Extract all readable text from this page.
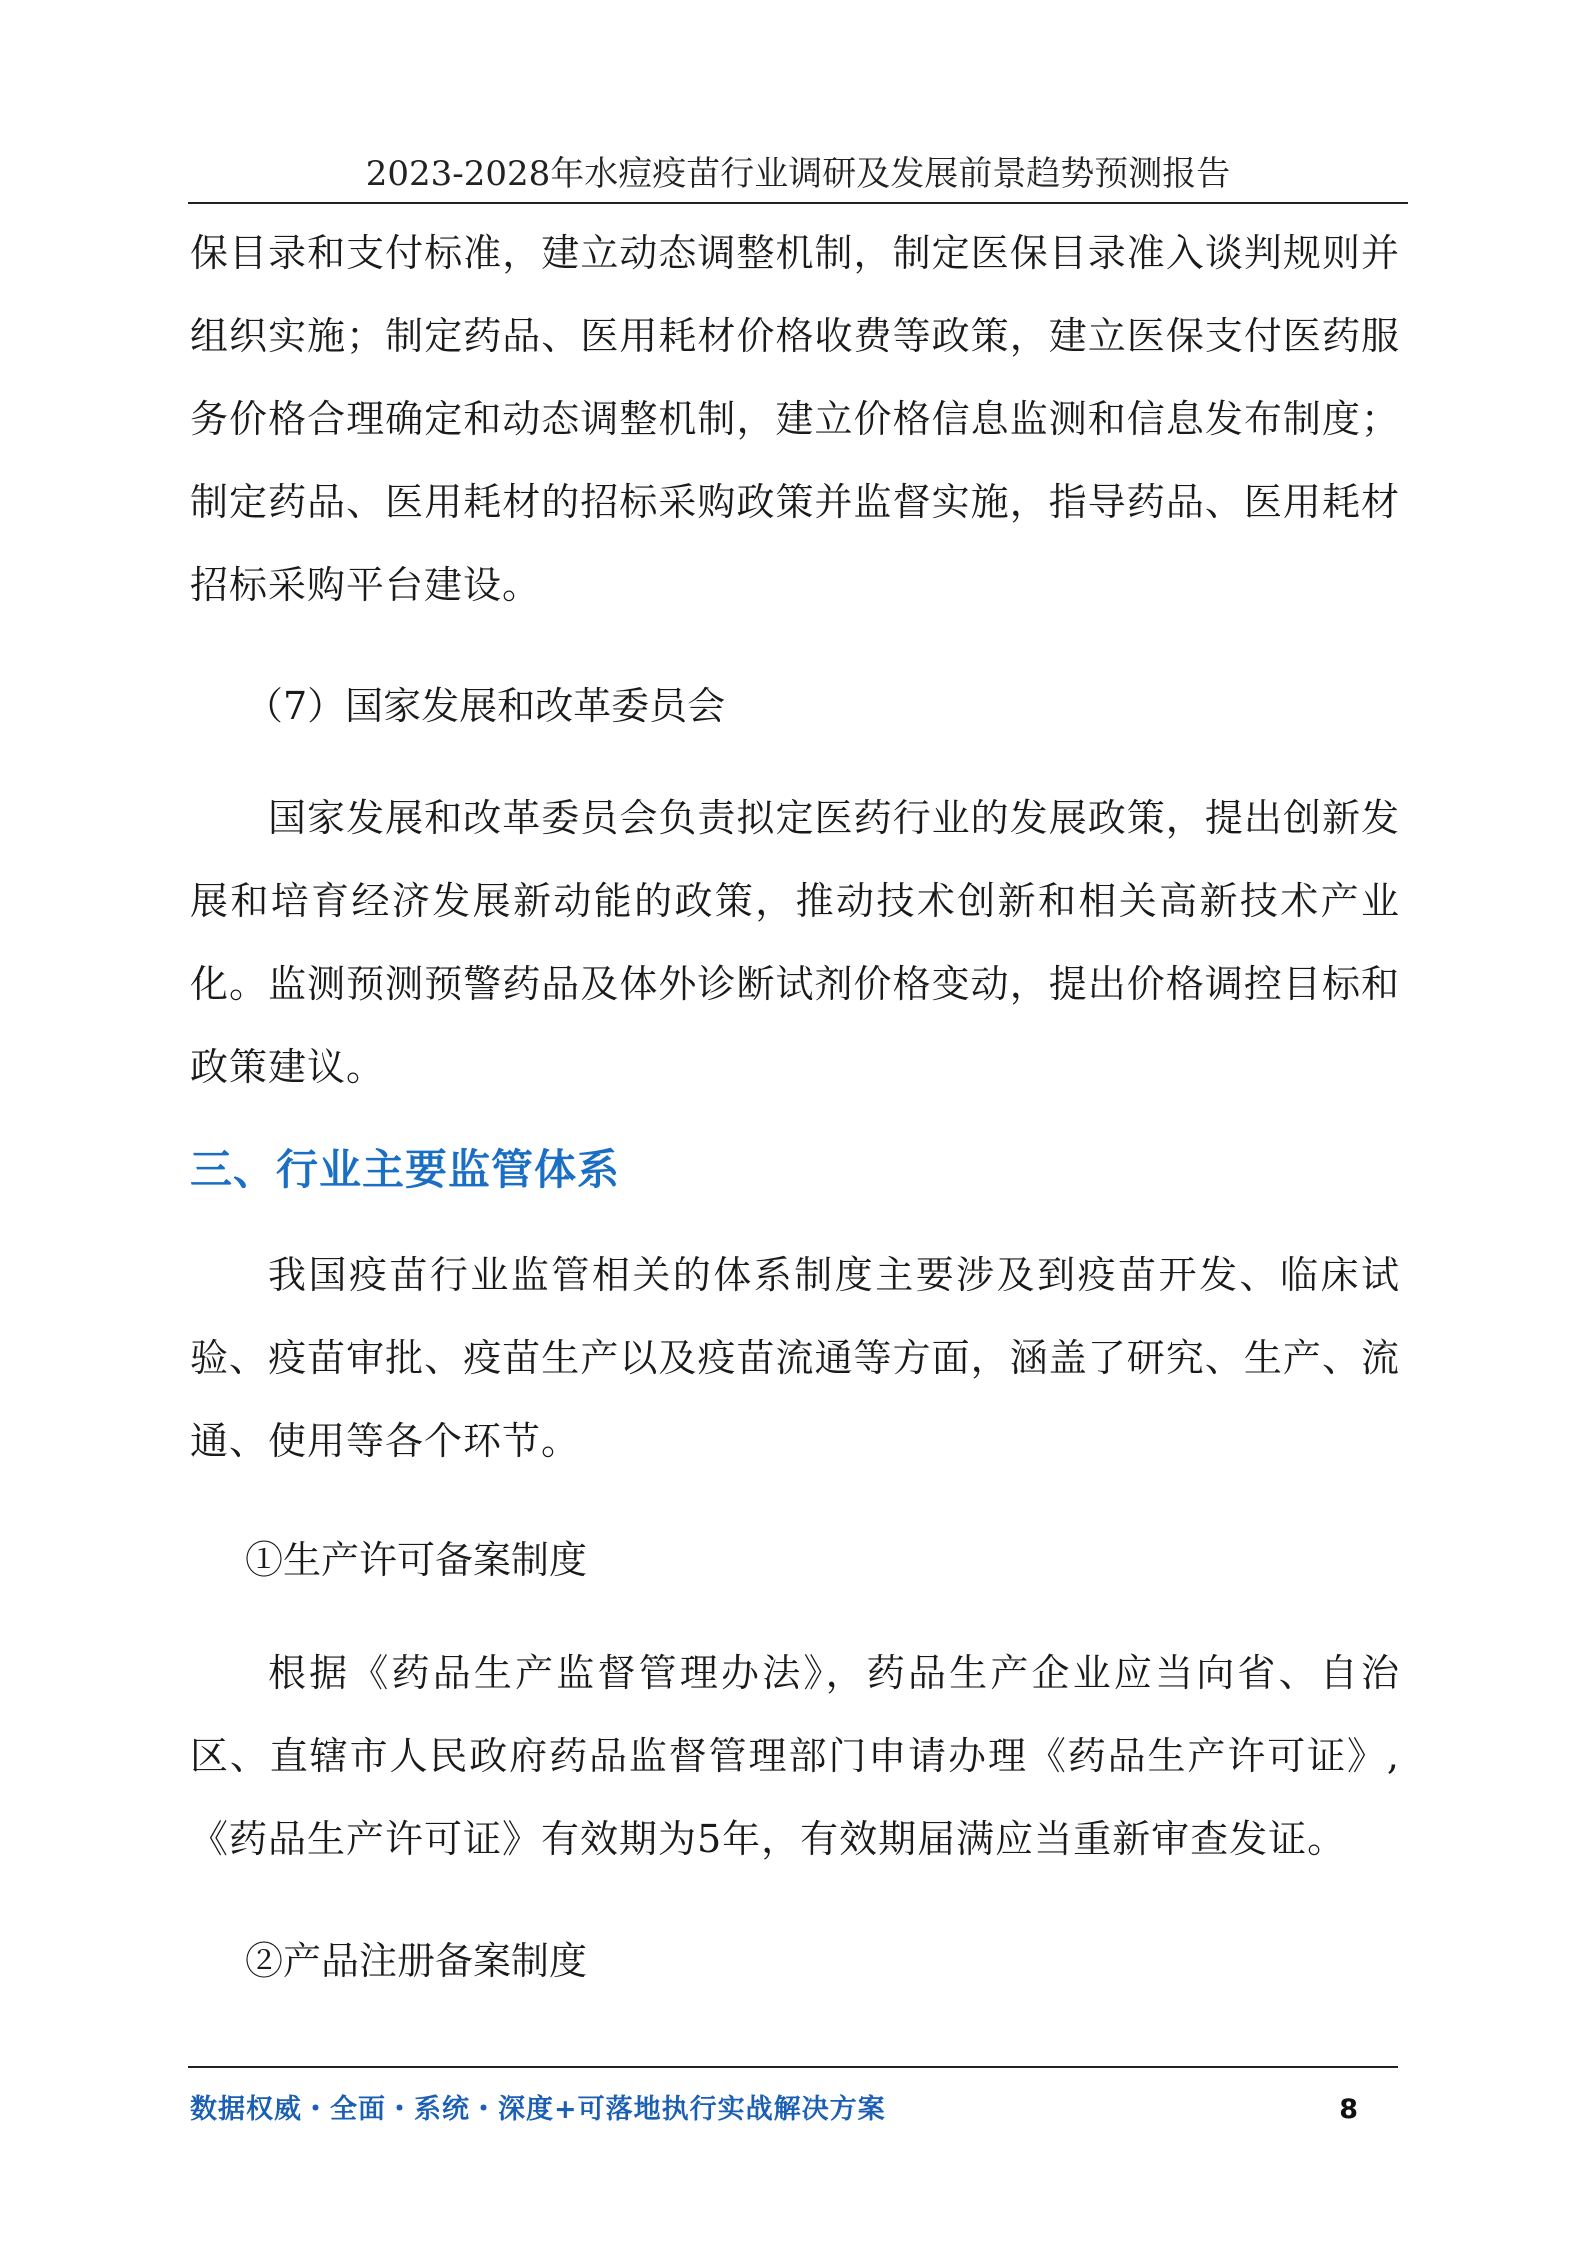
2023-2028年水痘疫苗行业调研及发展前景趋势预测报告

保目录和支付标准，建立动态调整机制，制定医保目录准入谈判规则并组织实施；制定药品、医用耗材价格收费等政策，建立医保支付医药服务价格合理确定和动态调整机制，建立价格信息监测和信息发布制度；制定药品、医用耗材的招标采购政策并监督实施，指导药品、医用耗材招标采购平台建设。

（7）国家发展和改革委员会

国家发展和改革委员会负责拟定医药行业的发展政策，提出创新发展和培育经济发展新动能的政策，推动技术创新和相关高新技术产业化。监测预测预警药品及体外诊断试剂价格变动，提出价格调控目标和政策建议。

三、行业主要监管体系

我国疫苗行业监管相关的体系制度主要涉及到疫苗开发、临床试验、疫苗审批、疫苗生产以及疫苗流通等方面，涵盖了研究、生产、流通、使用等各个环节。

①生产许可备案制度

根据《药品生产监督管理办法》，药品生产企业应当向省、自治区、直辖市人民政府药品监督管理部门申请办理《药品生产许可证》,《药品生产许可证》有效期为5年，有效期届满应当重新审查发证。

②产品注册备案制度

数据权威・全面・系统・深度+可落地执行实战解决方案	8
